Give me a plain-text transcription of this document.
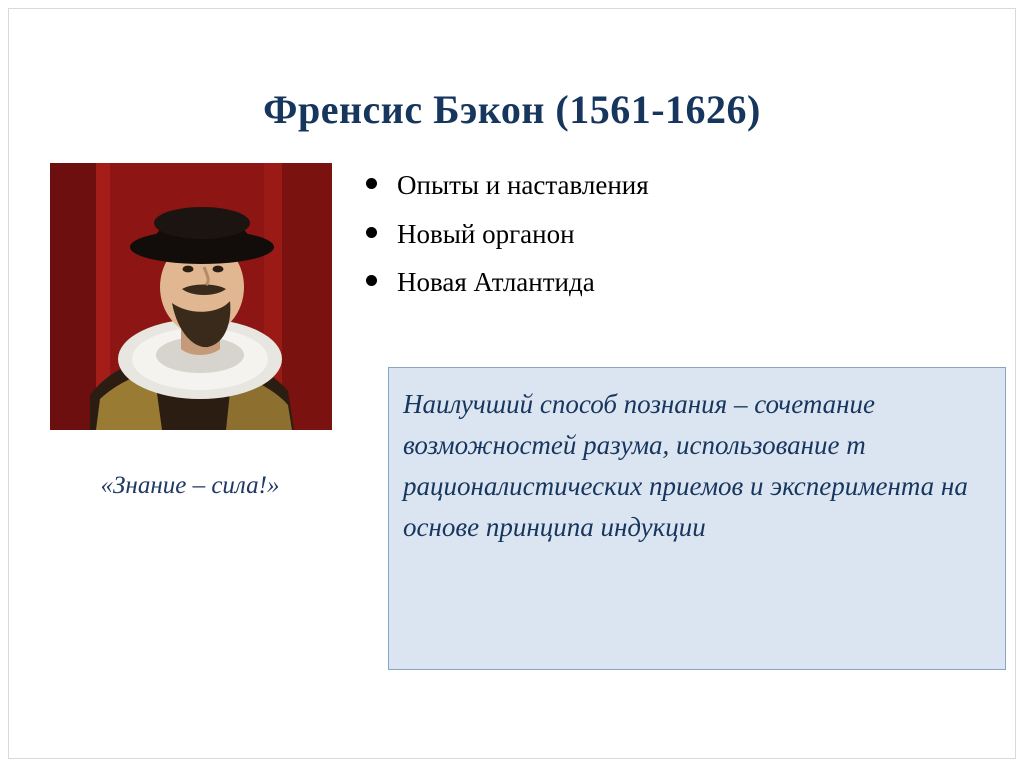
Френсис Бэкон (1561-1626)
«Знание – сила!»
Опыты и наставления
Новый органон
Новая Атлантида
Наилучший способ познания – сочетание возможностей разума, использование т рационалистических приемов и эксперимента на основе принципа индукции
